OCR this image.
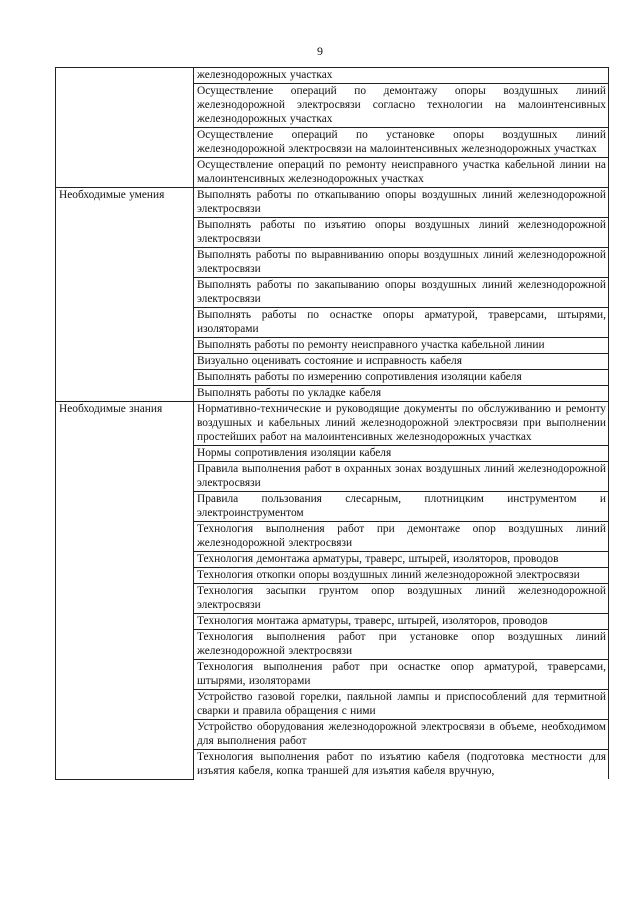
9
	железнодорожных участках
	Осуществление операций по демонтажу опоры воздушных линий железнодорожной электросвязи согласно технологии на малоинтенсивных железнодорожных участках
	Осуществление операций по установке опоры воздушных линий железнодорожной электросвязи на малоинтенсивных железнодорожных участках
	Осуществление операций по ремонту неисправного участка кабельной линии на малоинтенсивных железнодорожных участках
Необходимые умения	Выполнять работы по откапыванию опоры воздушных линий железнодорожной электросвязи
	Выполнять работы по изъятию опоры воздушных линий железнодорожной электросвязи
	Выполнять работы по выравниванию опоры воздушных линий железнодорожной электросвязи
	Выполнять работы по закапыванию опоры воздушных линий железнодорожной электросвязи
	Выполнять работы по оснастке опоры арматурой, траверсами, штырями, изоляторами
	Выполнять работы по ремонту неисправного участка кабельной линии
	Визуально оценивать состояние и исправность кабеля
	Выполнять работы по измерению сопротивления изоляции кабеля
	Выполнять работы по укладке кабеля
Необходимые знания	Нормативно-технические и руководящие документы по обслуживанию и ремонту воздушных и кабельных линий железнодорожной электросвязи при выполнении простейших работ на малоинтенсивных железнодорожных участках
	Нормы сопротивления изоляции кабеля
	Правила выполнения работ в охранных зонах воздушных линий железнодорожной электросвязи
	Правила пользования слесарным, плотницким инструментом и электроинструментом
	Технология выполнения работ при демонтаже опор воздушных линий железнодорожной электросвязи
	Технология демонтажа арматуры, траверс, штырей, изоляторов, проводов
	Технология откопки опоры воздушных линий железнодорожной электросвязи
	Технология засыпки грунтом опор воздушных линий железнодорожной электросвязи
	Технология монтажа арматуры, траверс, штырей, изоляторов, проводов
	Технология выполнения работ при установке опор воздушных линий железнодорожной электросвязи
	Технология выполнения работ при оснастке опор арматурой, траверсами, штырями, изоляторами
	Устройство газовой горелки, паяльной лампы и приспособлений для термитной сварки и правила обращения с ними
	Устройство оборудования железнодорожной электросвязи в объеме, необходимом для выполнения работ
	Технология выполнения работ по изъятию кабеля (подготовка местности для изъятия кабеля, копка траншей для изъятия кабеля вручную,
